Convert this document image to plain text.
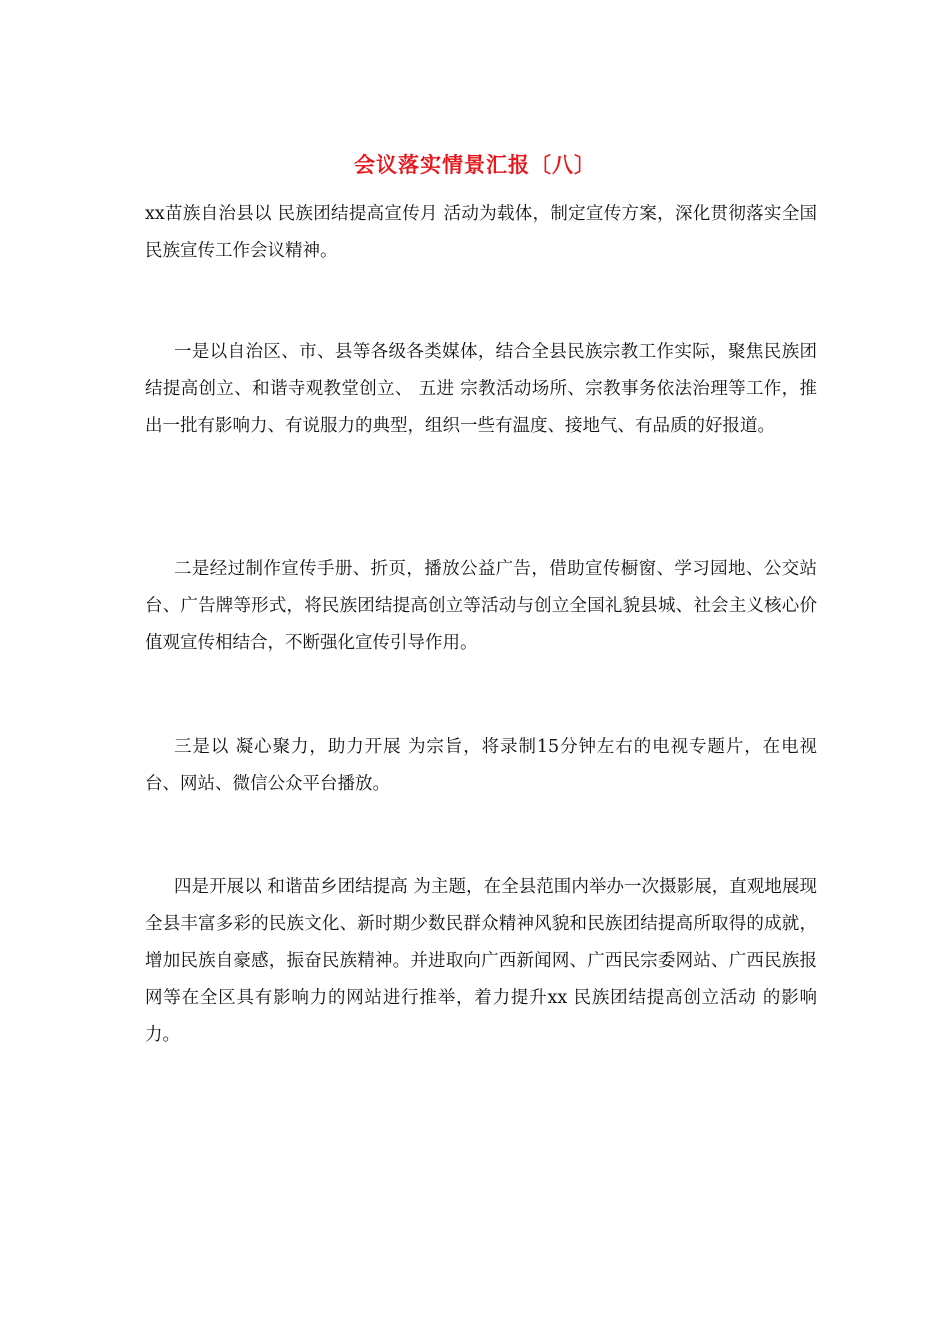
会议落实情景汇报〔八〕

xx苗族自治县以 民族团结提高宣传月 活动为载体，制定宣传方案，深化贯彻落实全国民族宣传工作会议精神。

一是以自治区、市、县等各级各类媒体，结合全县民族宗教工作实际，聚焦民族团结提高创立、和谐寺观教堂创立、 五进 宗教活动场所、宗教事务依法治理等工作，推出一批有影响力、有说服力的典型，组织一些有温度、接地气、有品质的好报道。

二是经过制作宣传手册、折页，播放公益广告，借助宣传橱窗、学习园地、公交站台、广告牌等形式，将民族团结提高创立等活动与创立全国礼貌县城、社会主义核心价值观宣传相结合，不断强化宣传引导作用。

三是以 凝心聚力，助力开展 为宗旨，将录制15分钟左右的电视专题片，在电视台、网站、微信公众平台播放。

四是开展以 和谐苗乡团结提高 为主题，在全县范围内举办一次摄影展，直观地展现全县丰富多彩的民族文化、新时期少数民群众精神风貌和民族团结提高所取得的成就，增加民族自豪感，振奋民族精神。并进取向广西新闻网、广西民宗委网站、广西民族报网等在全区具有影响力的网站进行推举，着力提升xx 民族团结提高创立活动 的影响力。
